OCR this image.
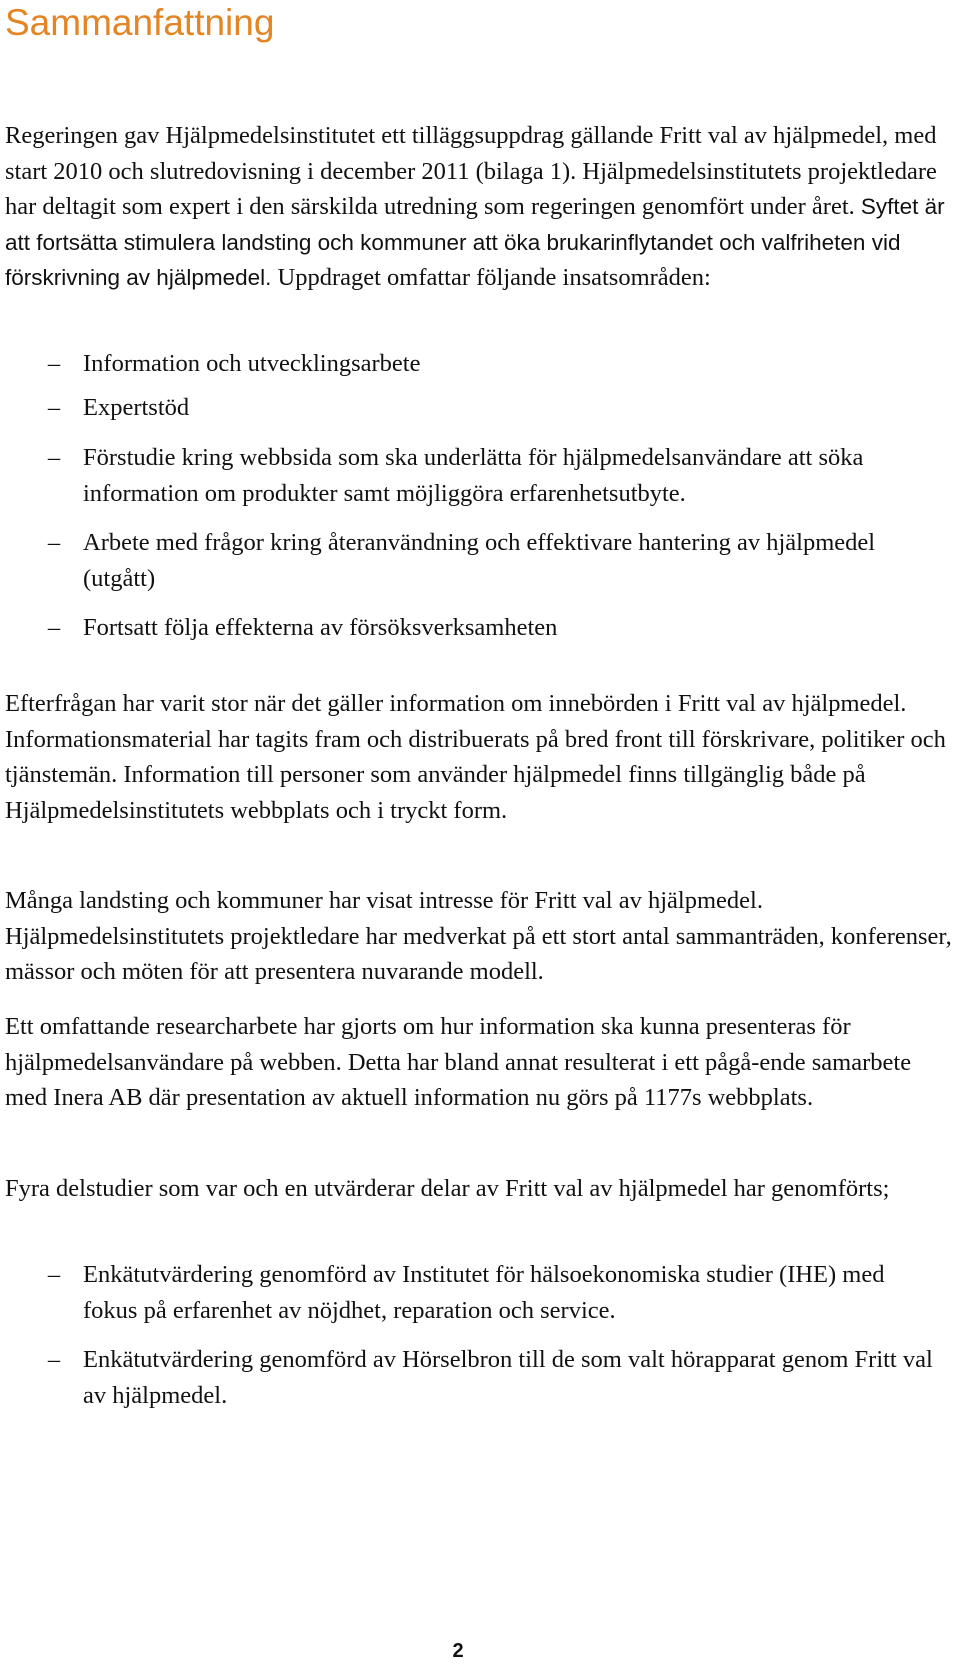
Sammanfattning

Regeringen gav Hjälpmedelsinstitutet ett tilläggsuppdrag gällande Fritt val av hjälpmedel, med start 2010 och slutredovisning i december 2011 (bilaga 1). Hjälpmedelsinstitutets projektledare har deltagit som expert i den särskilda utredning som regeringen genomfört under året. Syftet är att fortsätta stimulera landsting och kommuner att öka brukarinflytandet och valfriheten vid förskrivning av hjälpmedel. Uppdraget omfattar följande insatsområden:

– Information och utvecklingsarbete
– Expertstöd
– Förstudie kring webbsida som ska underlätta för hjälpmedelsanvändare att söka information om produkter samt möjliggöra erfarenhetsutbyte.
– Arbete med frågor kring återanvändning och effektivare hantering av hjälpmedel (utgått)
– Fortsatt följa effekterna av försöksverksamheten

Efterfrågan har varit stor när det gäller information om innebörden i Fritt val av hjälpmedel. Informationsmaterial har tagits fram och distribuerats på bred front till förskrivare, politiker och tjänstemän. Information till personer som använder hjälpmedel finns tillgänglig både på Hjälpmedelsinstitutets webbplats och i tryckt form.

Många landsting och kommuner har visat intresse för Fritt val av hjälpmedel. Hjälpmedelsinstitutets projektledare har medverkat på ett stort antal sammanträden, konferenser, mässor och möten för att presentera nuvarande modell.

Ett omfattande researcharbete har gjorts om hur information ska kunna presenteras för hjälpmedelsanvändare på webben. Detta har bland annat resulterat i ett pågå-ende samarbete med Inera AB där presentation av aktuell information nu görs på 1177s webbplats.

Fyra delstudier som var och en utvärderar delar av Fritt val av hjälpmedel har genomförts;

– Enkätutvärdering genomförd av Institutet för hälsoekonomiska studier (IHE) med fokus på erfarenhet av nöjdhet, reparation och service.
– Enkätutvärdering genomförd av Hörselbron till de som valt hörapparat genom Fritt val av hjälpmedel.
2
